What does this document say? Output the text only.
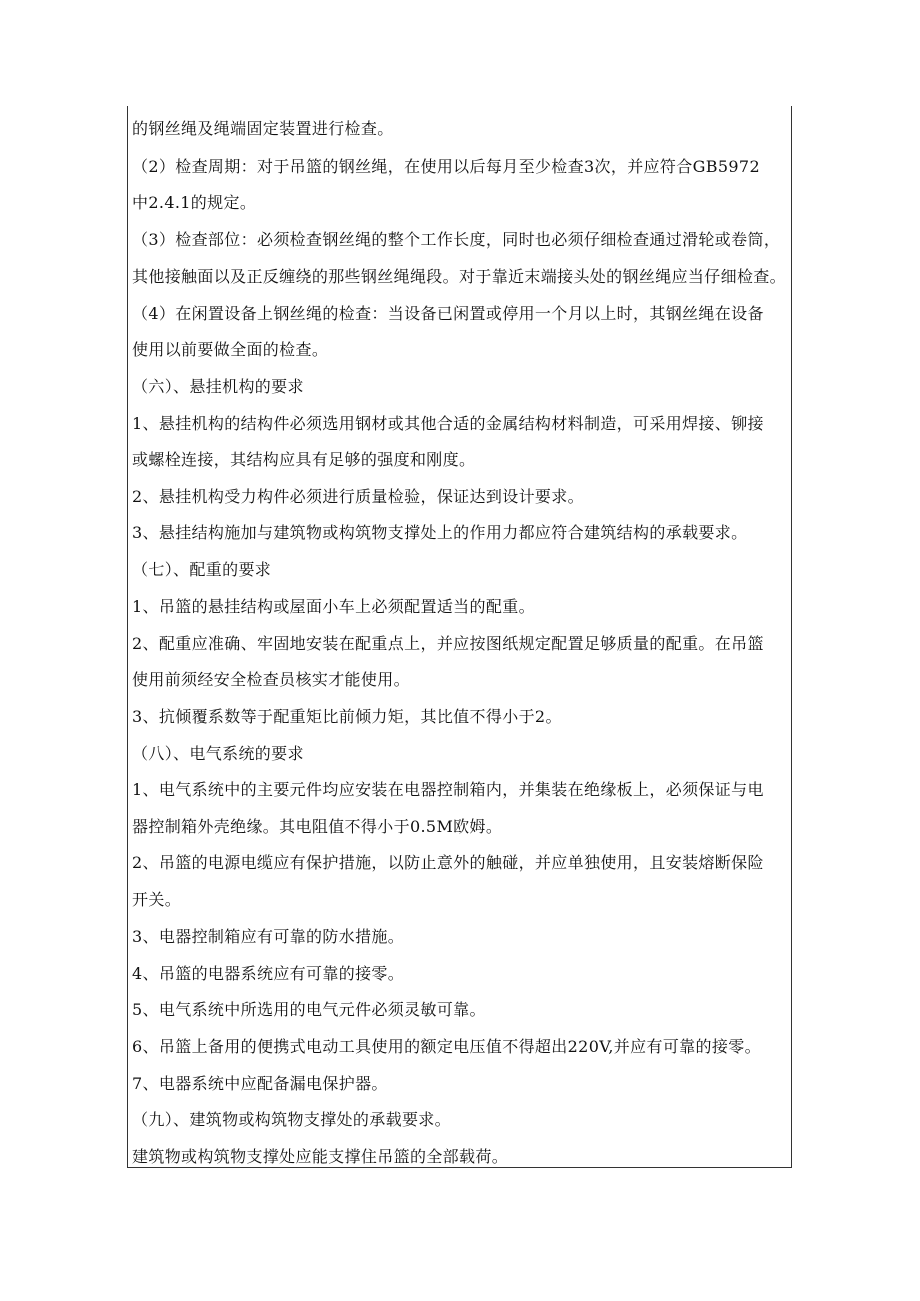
的钢丝绳及绳端固定装置进行检查。
（2）检查周期：对于吊篮的钢丝绳，在使用以后每月至少检查3次，并应符合GB5972
中2.4.1的规定。
（3）检查部位：必须检查钢丝绳的整个工作长度，同时也必须仔细检查通过滑轮或卷筒，
其他接触面以及正反缠绕的那些钢丝绳绳段。对于靠近末端接头处的钢丝绳应当仔细检查。
（4）在闲置设备上钢丝绳的检查：当设备已闲置或停用一个月以上时，其钢丝绳在设备
使用以前要做全面的检查。
（六）、悬挂机构的要求
1、悬挂机构的结构件必须选用钢材或其他合适的金属结构材料制造，可采用焊接、铆接
或螺栓连接，其结构应具有足够的强度和刚度。
2、悬挂机构受力构件必须进行质量检验，保证达到设计要求。
3、悬挂结构施加与建筑物或构筑物支撑处上的作用力都应符合建筑结构的承载要求。
（七）、配重的要求
1、吊篮的悬挂结构或屋面小车上必须配置适当的配重。
2、配重应准确、牢固地安装在配重点上，并应按图纸规定配置足够质量的配重。在吊篮
使用前须经安全检查员核实才能使用。
3、抗倾覆系数等于配重矩比前倾力矩，其比值不得小于2。
（八）、电气系统的要求
1、电气系统中的主要元件均应安装在电器控制箱内，并集装在绝缘板上，必须保证与电
器控制箱外壳绝缘。其电阻值不得小于0.5M欧姆。
2、吊篮的电源电缆应有保护措施，以防止意外的触碰，并应单独使用，且安装熔断保险
开关。
3、电器控制箱应有可靠的防水措施。
4、吊篮的电器系统应有可靠的接零。
5、电气系统中所选用的电气元件必须灵敏可靠。
6、吊篮上备用的便携式电动工具使用的额定电压值不得超出220V,并应有可靠的接零。
7、电器系统中应配备漏电保护器。
（九）、建筑物或构筑物支撑处的承载要求。
建筑物或构筑物支撑处应能支撑住吊篮的全部载荷。
